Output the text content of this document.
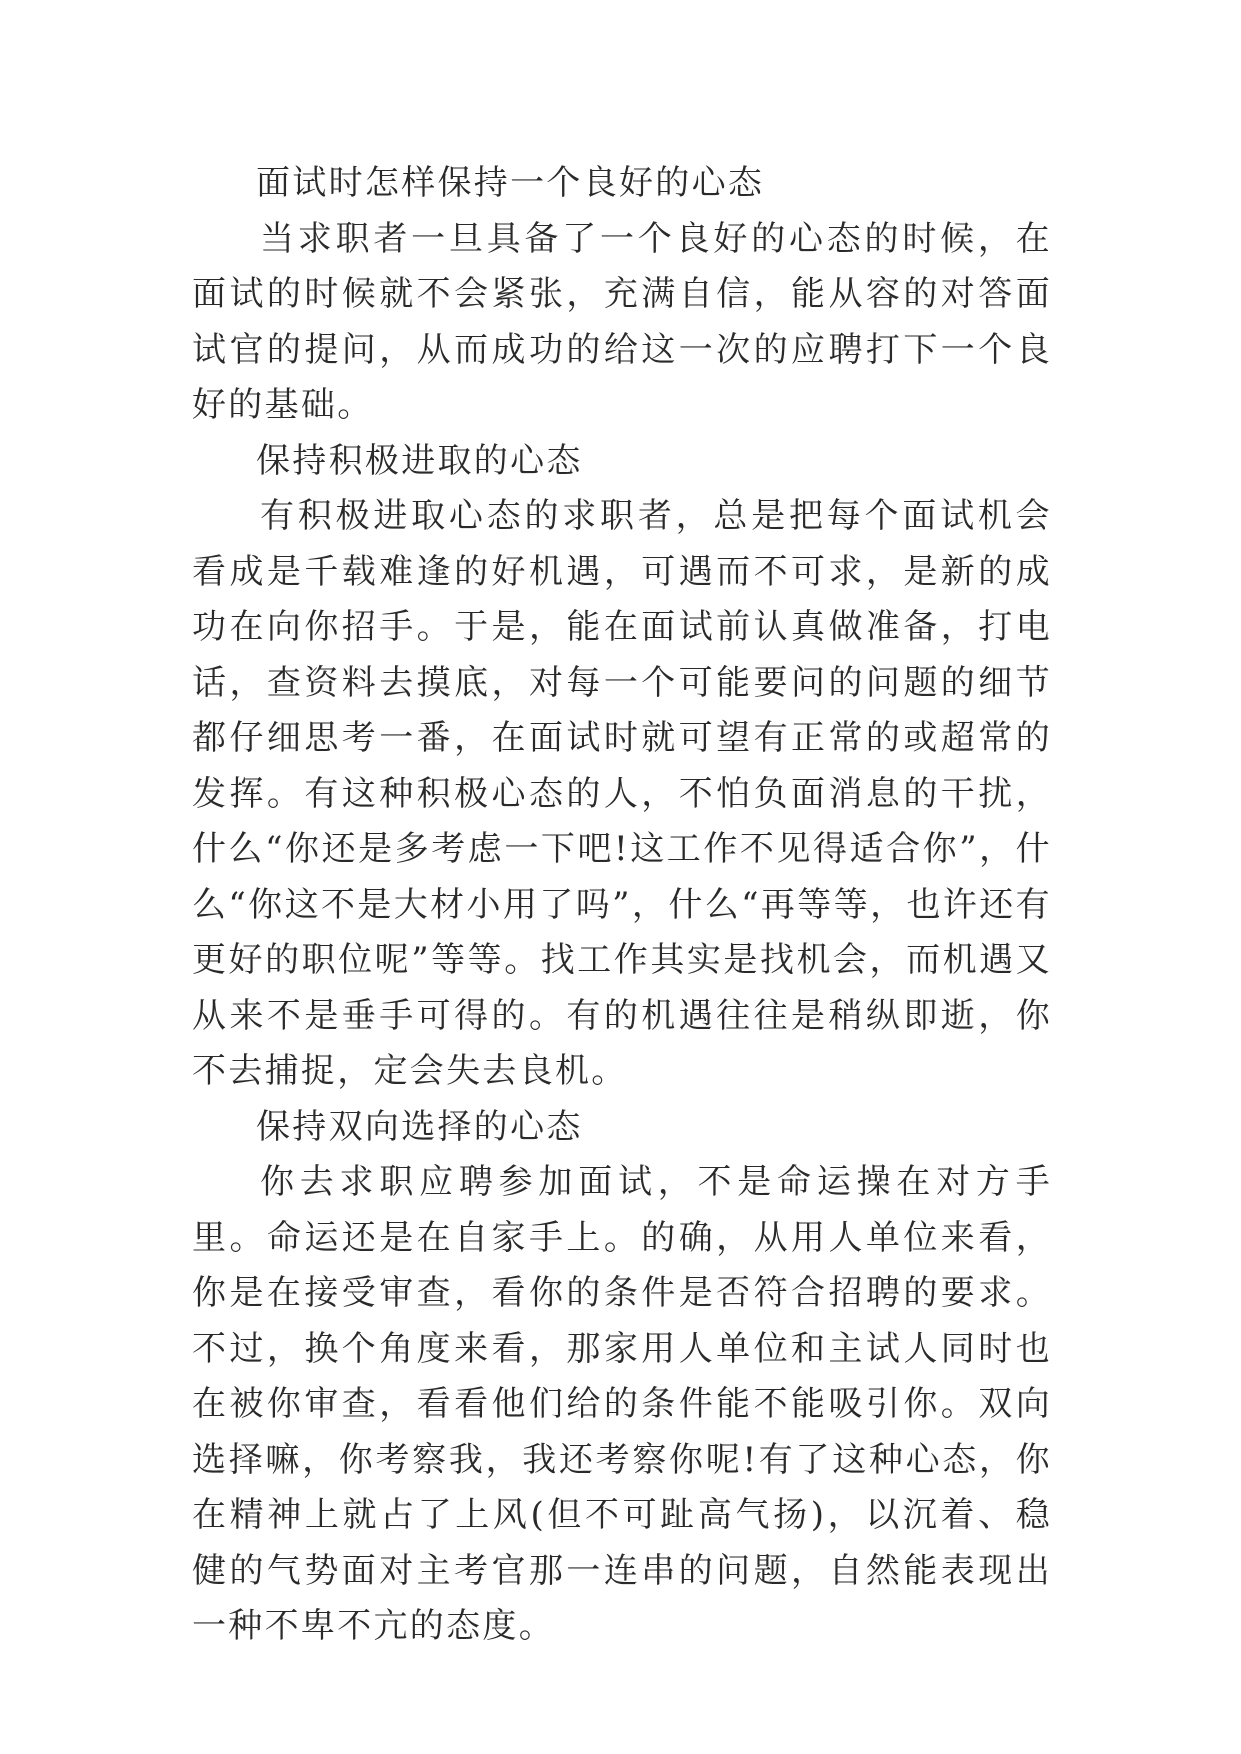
面试时怎样保持一个良好的心态

当求职者一旦具备了一个良好的心态的时候，在面试的时候就不会紧张，充满自信，能从容的对答面试官的提问，从而成功的给这一次的应聘打下一个良好的基础。

保持积极进取的心态

有积极进取心态的求职者，总是把每个面试机会看成是千载难逢的好机遇，可遇而不可求，是新的成功在向你招手。于是，能在面试前认真做准备，打电话，查资料去摸底，对每一个可能要问的问题的细节都仔细思考一番，在面试时就可望有正常的或超常的发挥。有这种积极心态的人，不怕负面消息的干扰，什么“你还是多考虑一下吧!这工作不见得适合你”，什么“你这不是大材小用了吗”，什么“再等等，也许还有更好的职位呢”等等。找工作其实是找机会，而机遇又从来不是垂手可得的。有的机遇往往是稍纵即逝，你不去捕捉，定会失去良机。

保持双向选择的心态

你去求职应聘参加面试，不是命运操在对方手里。命运还是在自家手上。的确，从用人单位来看，你是在接受审查，看你的条件是否符合招聘的要求。不过，换个角度来看，那家用人单位和主试人同时也在被你审查，看看他们给的条件能不能吸引你。双向选择嘛，你考察我，我还考察你呢!有了这种心态，你在精神上就占了上风(但不可趾高气扬)，以沉着、稳健的气势面对主考官那一连串的问题，自然能表现出一种不卑不亢的态度。
